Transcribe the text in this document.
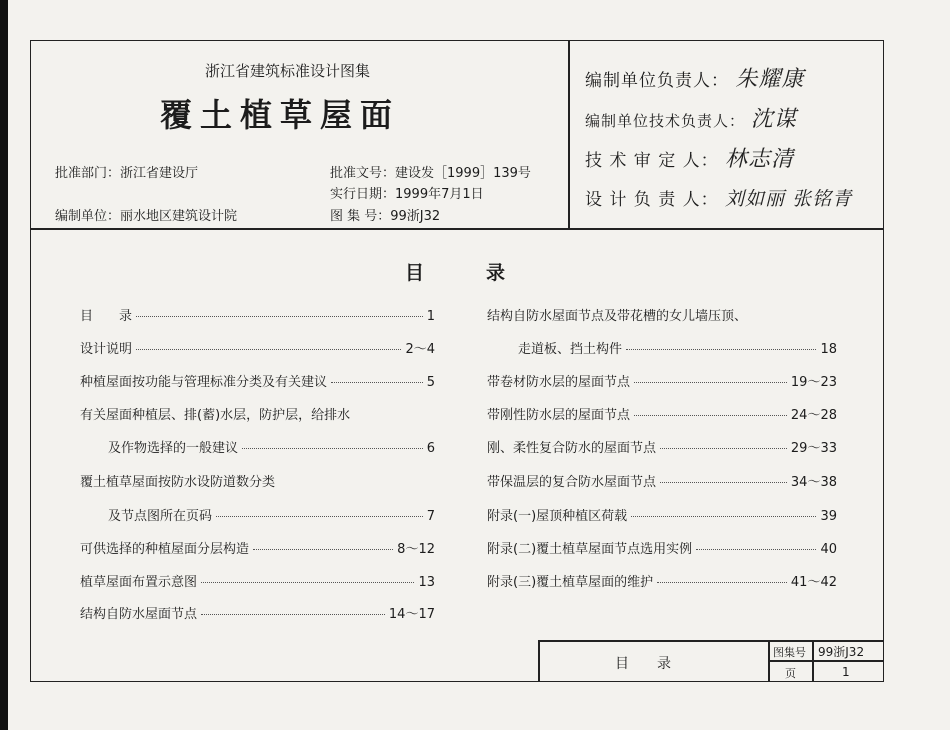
浙江省建筑标准设计图集
覆土植草屋面
批准部门：浙江省建设厅
编制单位：丽水地区建筑设计院
批准文号：建设发［1999］139号
实行日期：1999年7月1日
图 集 号：99浙J32
编制单位负责人： 朱耀康
编制单位技术负责人： 沈谋
技 术 审 定 人： 林志清
设 计 负 责 人： 刘如丽 张铭青
目录
目　　录	1
设计说明	2～4
种植屋面按功能与管理标准分类及有关建议	5
有关屋面种植层、排(蓄)水层，防护层，给排水
及作物选择的一般建议	6
覆土植草屋面按防水设防道数分类
及节点图所在页码	7
可供选择的种植屋面分层构造	8～12
植草屋面布置示意图	13
结构自防水屋面节点	14～17
结构自防水屋面节点及带花槽的女儿墙压顶、
走道板、挡土构件	18
带卷材防水层的屋面节点	19～23
带刚性防水层的屋面节点	24～28
刚、柔性复合防水的屋面节点	29～33
带保温层的复合防水屋面节点	34～38
附录(一)屋顶种植区荷载	39
附录(二)覆土植草屋面节点选用实例	40
附录(三)覆土植草屋面的维护	41～42
目　　录
图集号 99浙J32
页	1
